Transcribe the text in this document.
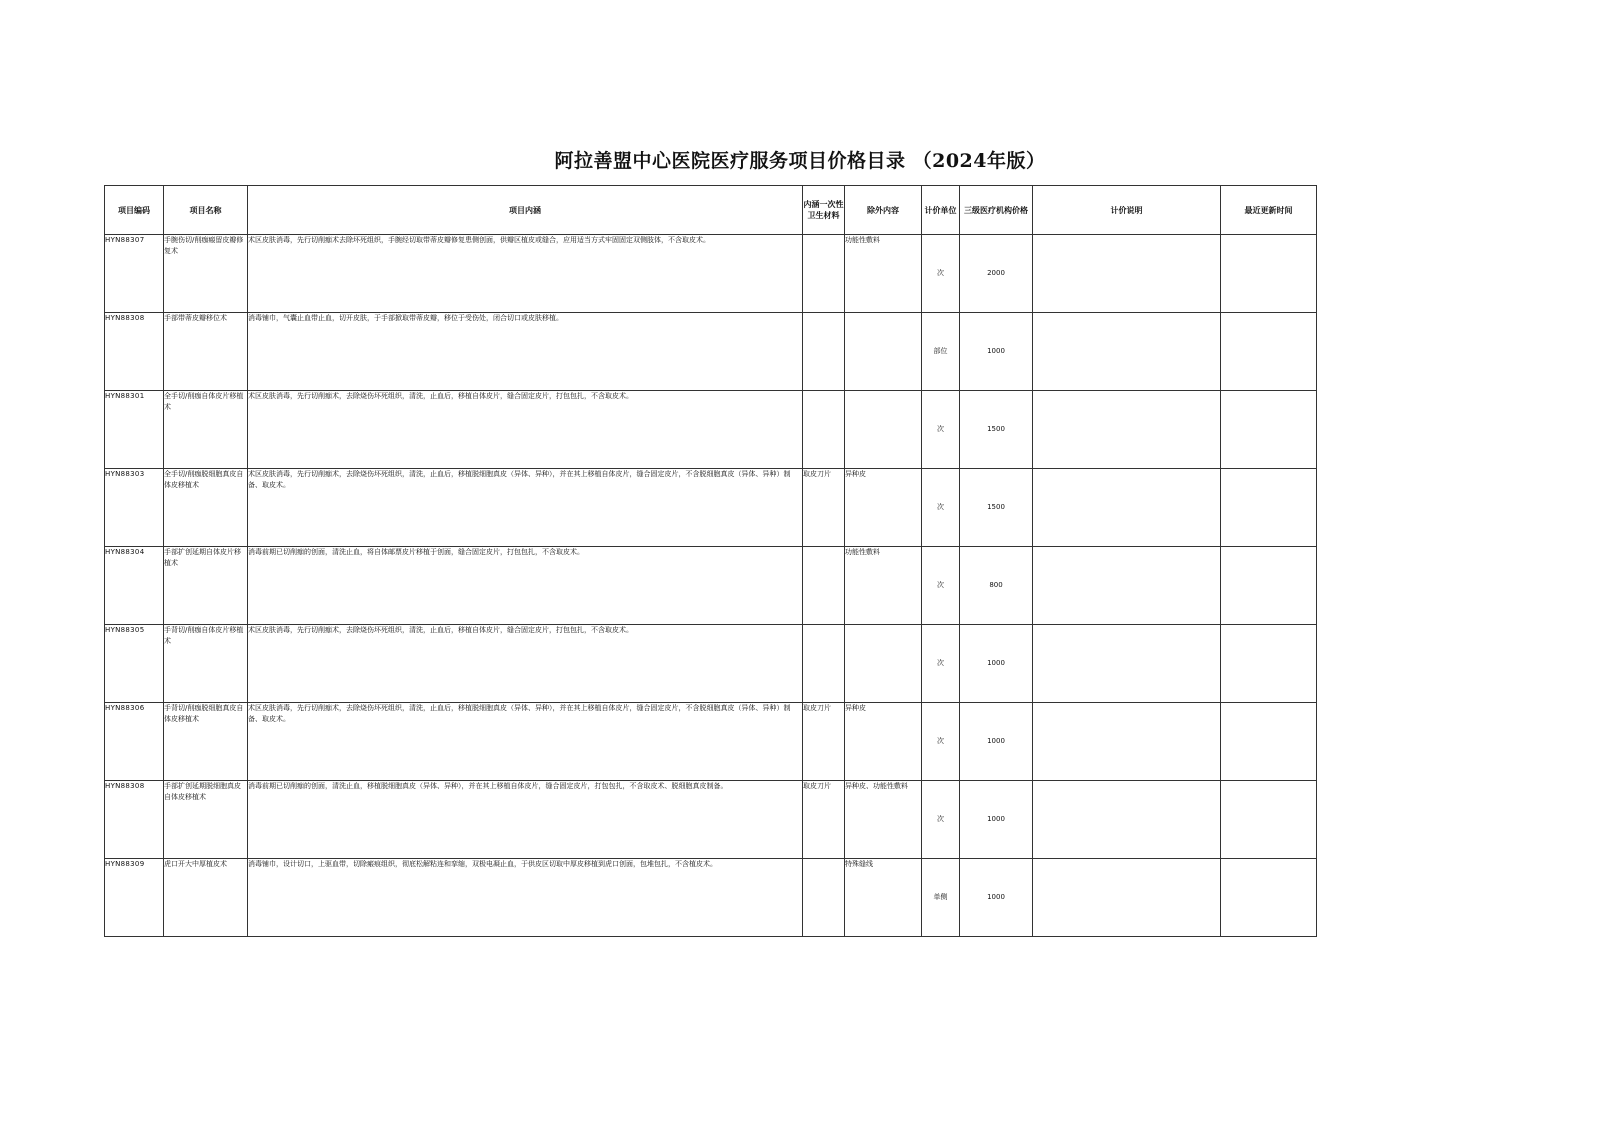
阿拉善盟中心医院医疗服务项目价格目录 （2024年版）
项目编码	项目名称	项目内涵	内涵一次性卫生材料	除外内容	计价单位	三级医疗机构价格	计价说明	最近更新时间
HYN88307	手腕伤切/削痂瘢留皮瓣修复术	术区皮肤消毒，先行切削痂术去除坏死组织，手腕经切取带蒂皮瓣修复患侧创面，供瓣区植皮或缝合，应用适当方式牢固固定双侧肢体，不含取皮术。		功能性敷料	次	2000		
HYN88308	手部带蒂皮瓣移位术	消毒铺巾，气囊止血带止血，切开皮肤，于手部掀取带蒂皮瓣，移位于受伤处，闭合切口或皮肤移植。			部位	1000		
HYN88301	全手切/削痂自体皮片移植术	术区皮肤消毒，先行切削痂术，去除烧伤坏死组织，清洗，止血后，移植自体皮片，缝合固定皮片，打包包扎，不含取皮术。			次	1500		
HYN88303	全手切/削痂脱细胞真皮自体皮移植术	术区皮肤消毒，先行切削痂术，去除烧伤坏死组织，清洗，止血后，移植脱细胞真皮（异体、异种），并在其上移植自体皮片，缝合固定皮片，不含脱细胞真皮（异体、异种）制备、取皮术。	取皮刀片	异种皮	次	1500		
HYN88304	手部扩创延期自体皮片移植术	消毒前期已切削痂的创面，清洗止血，将自体邮票皮片移植于创面，缝合固定皮片，打包包扎，不含取皮术。		功能性敷料	次	800		
HYN88305	手背切/削痂自体皮片移植术	术区皮肤消毒，先行切削痂术，去除烧伤坏死组织，清洗，止血后，移植自体皮片，缝合固定皮片，打包包扎，不含取皮术。			次	1000		
HYN88306	手背切/削痂脱细胞真皮自体皮移植术	术区皮肤消毒，先行切削痂术，去除烧伤坏死组织，清洗，止血后，移植脱细胞真皮（异体、异种），并在其上移植自体皮片，缝合固定皮片，不含脱细胞真皮（异体、异种）制备、取皮术。	取皮刀片	异种皮	次	1000		
HYN88308	手部扩创延期脱细胞真皮自体皮移植术	消毒前期已切削痂的创面，清洗止血，移植脱细胞真皮（异体、异种），并在其上移植自体皮片，缝合固定皮片，打包包扎，不含取皮术、脱细胞真皮制备。	取皮刀片	异种皮、功能性敷料	次	1000		
HYN88309	虎口开大中厚植皮术	消毒铺巾，设计切口，上驱血带，切除瘢痕组织，彻底松解粘连和挛缩，双极电凝止血，于供皮区切取中厚皮移植到虎口创面，包堆包扎，不含植皮术。		特殊缝线	单侧	1000		
